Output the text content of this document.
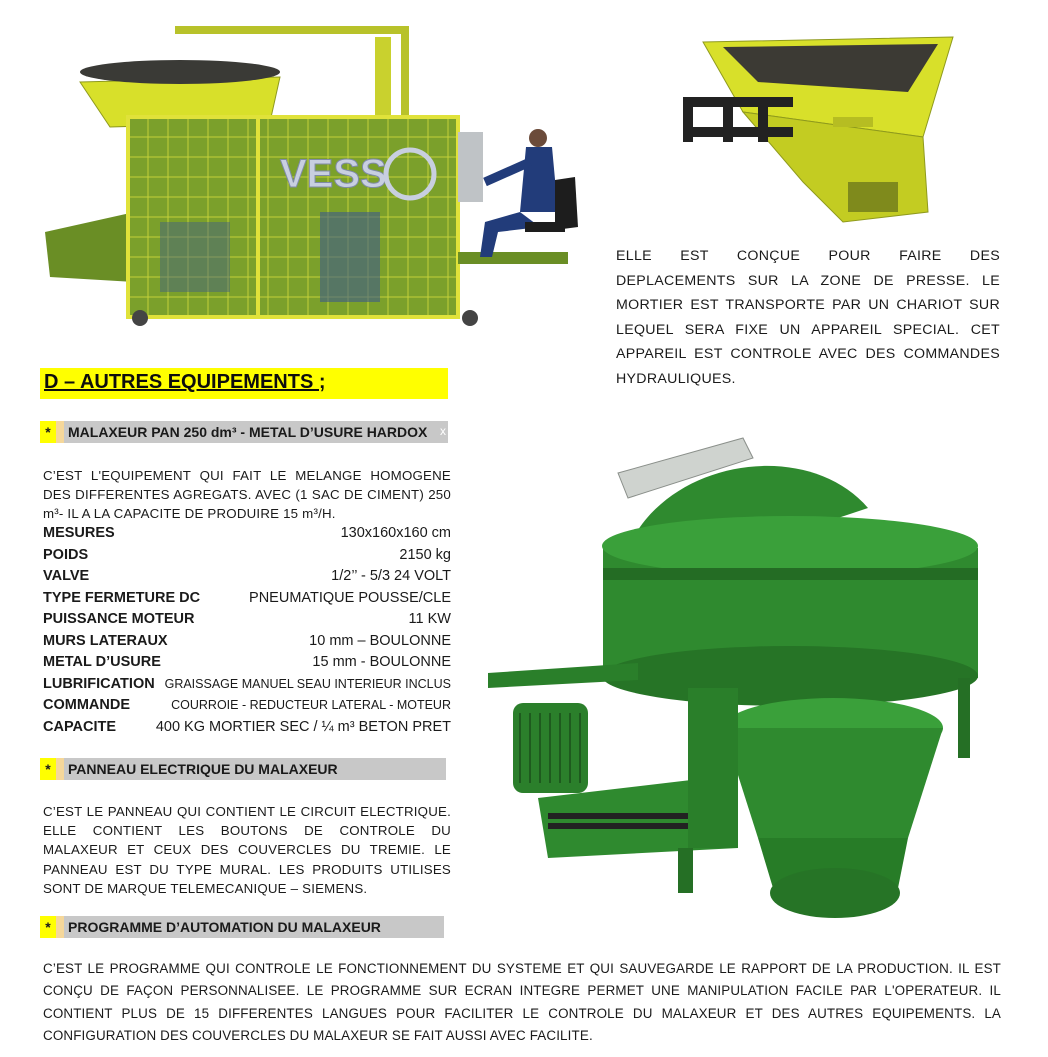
VESS
ELLE EST CONÇUE POUR FAIRE DES DEPLACEMENTS SUR LA ZONE DE PRESSE. LE MORTIER EST TRANSPORTE PAR UN CHARIOT SUR LEQUEL SERA FIXE UN APPAREIL SPECIAL. CET APPAREIL EST CONTROLE AVEC DES COMMANDES HYDRAULIQUES.
D – AUTRES EQUIPEMENTS ;
*	MALAXEUR PAN 250 dm³ - METAL D’USURE HARDOX x
C’EST L'EQUIPEMENT QUI FAIT LE MELANGE HOMOGENE DES DIFFERENTES AGREGATS. AVEC (1 SAC DE CIMENT) 250 m³- IL A LA CAPACITE DE PRODUIRE 15 m³/H.
MESURES	130x160x160 cm
POIDS	2150 kg
VALVE	1/2’’ - 5/3 24 VOLT
TYPE FERMETURE DC	PNEUMATIQUE POUSSE/CLE
PUISSANCE MOTEUR	11 KW
MURS LATERAUX	10 mm – BOULONNE
METAL D’USURE	15 mm - BOULONNE
LUBRIFICATION GRAISSAGE MANUEL SEAU INTERIEUR INCLUS
COMMANDE	COURROIE - REDUCTEUR LATERAL - MOTEUR
CAPACITE	400 KG MORTIER SEC / ¼ m³ BETON PRET
*	PANNEAU ELECTRIQUE DU MALAXEUR
C’EST LE PANNEAU QUI CONTIENT LE CIRCUIT ELECTRIQUE. ELLE CONTIENT LES BOUTONS DE CONTROLE DU MALAXEUR ET CEUX DES COUVERCLES DU TREMIE. LE PANNEAU EST DU TYPE MURAL. LES PRODUITS UTILISES SONT DE MARQUE TELEMECANIQUE – SIEMENS.
*	PROGRAMME D’AUTOMATION DU MALAXEUR
C’EST LE PROGRAMME QUI CONTROLE LE FONCTIONNEMENT DU SYSTEME ET QUI SAUVEGARDE LE RAPPORT DE LA PRODUCTION. IL EST CONÇU DE FAÇON PERSONNALISEE. LE PROGRAMME SUR ECRAN INTEGRE PERMET UNE MANIPULATION FACILE PAR L'OPERATEUR. IL CONTIENT PLUS DE 15 DIFFERENTES LANGUES POUR FACILITER LE CONTROLE DU MALAXEUR ET DES AUTRES EQUIPEMENTS. LA CONFIGURATION DES COUVERCLES DU MALAXEUR SE FAIT AUSSI AVEC FACILITE.
